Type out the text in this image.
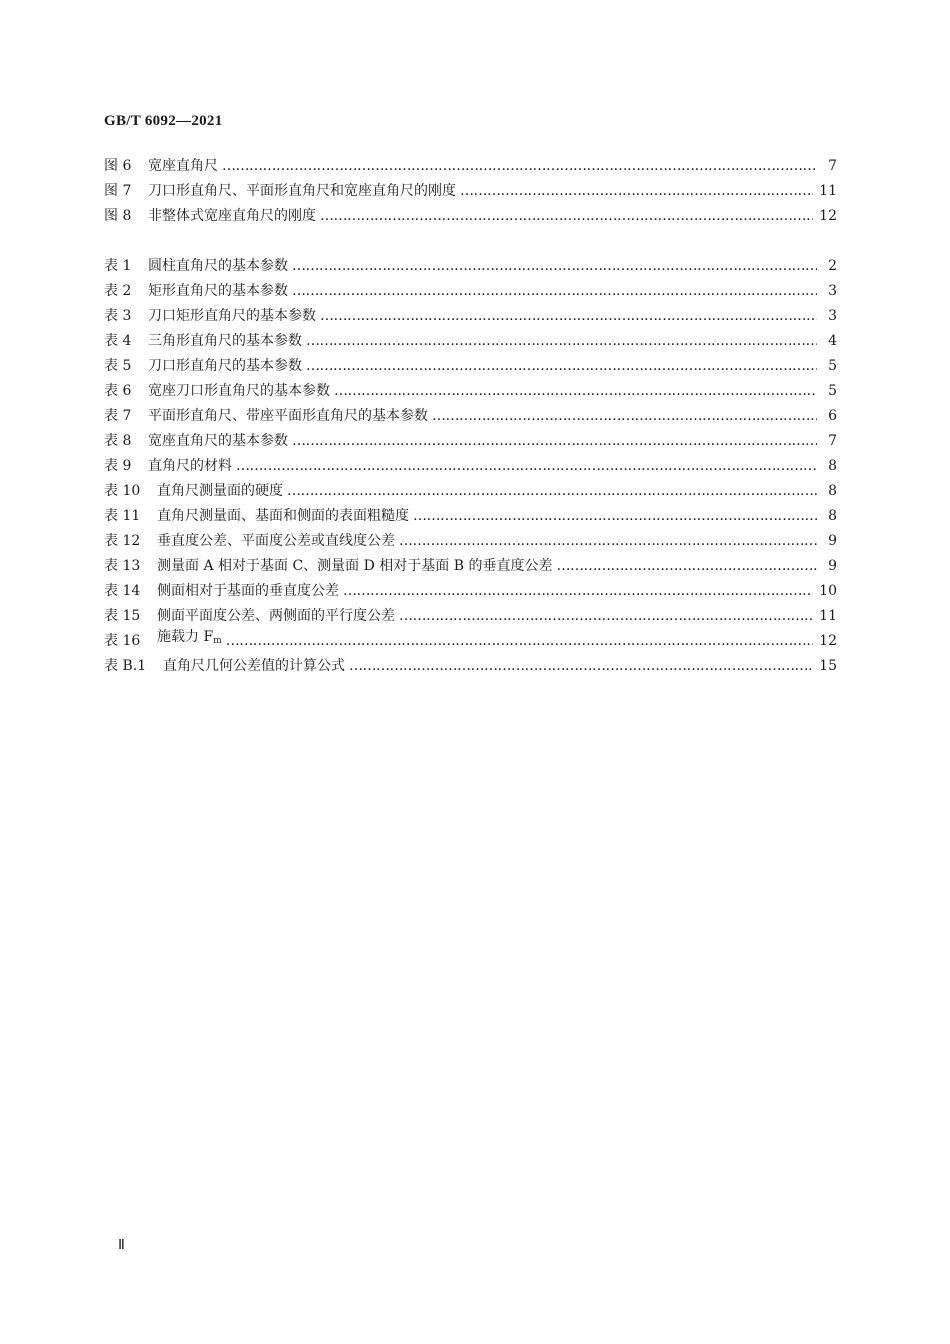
GB/T 6092—2021
图 6	宽座直角尺 ……………………………………………………………………………………………………………………………………………………………………………………………………	7
图 7	刀口形直角尺、平面形直角尺和宽座直角尺的刚度 ……………………………………………………………………………………………………………………………………………………………………………………………………	11
图 8	非整体式宽座直角尺的刚度 ……………………………………………………………………………………………………………………………………………………………………………………………………	12
表 1	圆柱直角尺的基本参数 ……………………………………………………………………………………………………………………………………………………………………………………………………	2
表 2	矩形直角尺的基本参数 ……………………………………………………………………………………………………………………………………………………………………………………………………	3
表 3	刀口矩形直角尺的基本参数 ……………………………………………………………………………………………………………………………………………………………………………………………………	3
表 4	三角形直角尺的基本参数 ……………………………………………………………………………………………………………………………………………………………………………………………………	4
表 5	刀口形直角尺的基本参数 ……………………………………………………………………………………………………………………………………………………………………………………………………	5
表 6	宽座刀口形直角尺的基本参数 ……………………………………………………………………………………………………………………………………………………………………………………………………	5
表 7	平面形直角尺、带座平面形直角尺的基本参数 ……………………………………………………………………………………………………………………………………………………………………………………………………	6
表 8	宽座直角尺的基本参数 ……………………………………………………………………………………………………………………………………………………………………………………………………	7
表 9	直角尺的材料 ……………………………………………………………………………………………………………………………………………………………………………………………………	8
表 10	直角尺测量面的硬度 ……………………………………………………………………………………………………………………………………………………………………………………………………	8
表 11	直角尺测量面、基面和侧面的表面粗糙度 ……………………………………………………………………………………………………………………………………………………………………………………………………	8
表 12	垂直度公差、平面度公差或直线度公差 ……………………………………………………………………………………………………………………………………………………………………………………………………	9
表 13	测量面 A 相对于基面 C、测量面 D 相对于基面 B 的垂直度公差 ……………………………………………………………………………………………………………………………………………………………………………………………………	9
表 14	侧面相对于基面的垂直度公差 ……………………………………………………………………………………………………………………………………………………………………………………………………	10
表 15	侧面平面度公差、两侧面的平行度公差 ……………………………………………………………………………………………………………………………………………………………………………………………………	11
表 16	施载力 $F_m$ ……………………………………………………………………………………………………………………………………………………………………………………………………	12
表 B.1	直角尺几何公差值的计算公式 ……………………………………………………………………………………………………………………………………………………………………………………………………	15
Ⅱ
